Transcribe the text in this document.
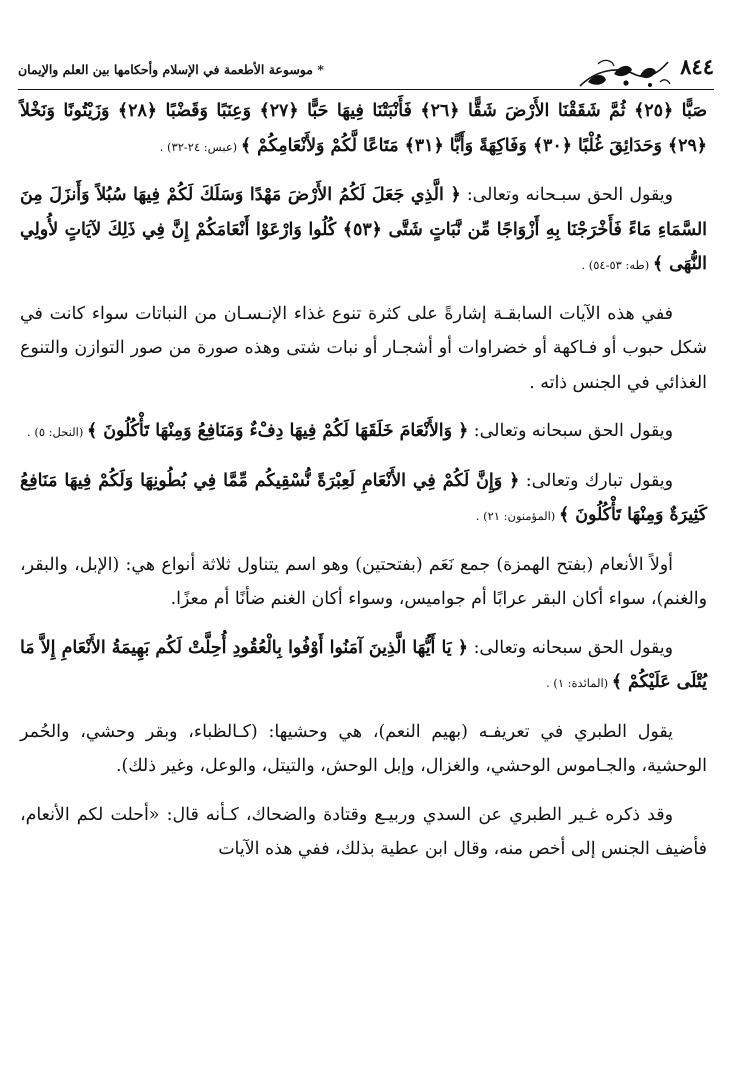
٨٤٤
* موسوعة الأطعمة في الإسلام وأحكامها بين العلم والإيمان

صَبًّا ﴿٢٥﴾ ثُمَّ شَقَقْنَا الأَرْضَ شَقًّا ﴿٢٦﴾ فَأَنْبَتْنَا فِيهَا حَبًّا ﴿٢٧﴾ وَعِنَبًا وَقَضْبًا ﴿٢٨﴾ وَزَيْتُونًا وَنَخْلاً ﴿٢٩﴾ وَحَدَائِقَ غُلْبًا ﴿٣٠﴾ وَفَاكِهَةً وَأَبًّا ﴿٣١﴾ مَتَاعًا لَّكُمْ وَلأَنْعَامِكُمْ ﴾ (عبس: ٢٤-٣٢) .

ويقول الحق سبـحانه وتعالى: ﴿ الَّذِي جَعَلَ لَكُمُ الأَرْضَ مَهْدًا وَسَلَكَ لَكُمْ فِيهَا سُبُلاً وَأَنزَلَ مِنَ السَّمَاءِ مَاءً فَأَخْرَجْنَا بِهِ أَزْوَاجًا مِّن نَّبَاتٍ شَتَّى ﴿٥٣﴾ كُلُوا وَارْعَوْا أَنْعَامَكُمْ إِنَّ فِي ذَلِكَ لآيَاتٍ لأُولِي النُّهَى ﴾ (طه: ٥٣-٥٤) .

ففي هذه الآيات السابقـة إشارةً على كثرة تنوع غذاء الإنـسـان من النباتات سواء كانت في شكل حبوب أو فـاكهة أو خضراوات أو أشجـار أو نبات شتى وهذه صورة من صور التوازن والتنوع الغذائي في الجنس ذاته .

ويقول الحق سبحانه وتعالى: ﴿ وَالأَنْعَامَ خَلَقَهَا لَكُمْ فِيهَا دِفْءٌ وَمَنَافِعُ وَمِنْهَا تَأْكُلُونَ ﴾ (النحل: ٥) .

ويقول تبارك وتعالى: ﴿ وَإِنَّ لَكُمْ فِي الأَنْعَامِ لَعِبْرَةً نُّسْقِيكُم مِّمَّا فِي بُطُونِهَا وَلَكُمْ فِيهَا مَنَافِعُ كَثِيرَةٌ وَمِنْهَا تَأْكُلُونَ ﴾ (المؤمنون: ٢١) .

أولاً الأنعام (بفتح الهمزة) جمع نَعَم (بفتحتين) وهو اسم يتناول ثلاثة أنواع هي: (الإبل، والبقر، والغنم)، سواء أكان البقر عرابًا أم جواميس، وسواء أكان الغنم ضأنًا أم معزًا.

ويقول الحق سبحانه وتعالى: ﴿ يَا أَيُّهَا الَّذِينَ آمَنُوا أَوْفُوا بِالْعُقُودِ أُحِلَّتْ لَكُم بَهِيمَةُ الأَنْعَامِ إِلاَّ مَا يُتْلَى عَلَيْكُمْ ﴾ (المائدة: ١) .

يقول الطبري في تعريفـه (بهيم النعم)، هي وحشيها: (كـالظباء، وبقر وحشي، والحُمر الوحشية، والجـاموس الوحشي، والغزال، وإبل الوحش، والتيتل، والوعل، وغير ذلك).

وقد ذكره غـير الطبري عن السدي وربيـع وقتادة والضحاك، كـأنه قال: «أحلت لكم الأنعام، فأضيف الجنس إلى أخص منه، وقال ابن عطية بذلك، ففي هذه الآيات
